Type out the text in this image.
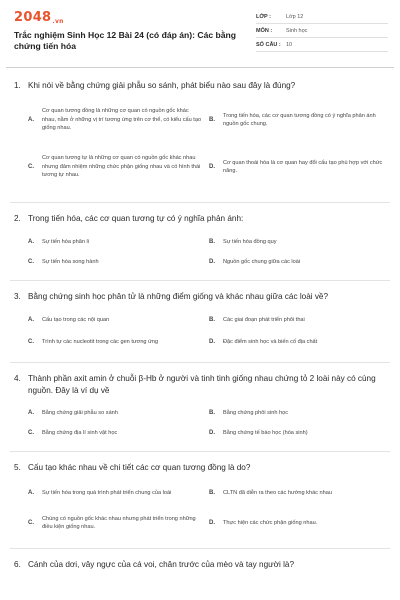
2048.vn
Trắc nghiệm Sinh Học 12 Bài 24 (có đáp án): Các bằng chứng tiến hóa
LỚP :	Lớp 12
MÔN :	Sinh học
SỐ CÂU : 10
1. Khi nói về bằng chứng giải phẫu so sánh, phát biểu nào sau đây là đúng?
A.
Cơ quan tương đồng là những cơ quan có nguồn gốc khác nhau, nằm ở những vị trí tương ứng trên cơ thể, có kiểu cấu tạo giống nhau.
B.
Trong tiến hóa, các cơ quan tương đồng có ý nghĩa phản ánh nguồn gốc chung.
C.
Cơ quan tương tự là những cơ quan có nguồn gốc khác nhau nhưng đảm nhiệm những chức phận giống nhau và có hình thái tương tự nhau.
D.
Cơ quan thoái hóa là cơ quan hay đổi cấu tạo phù hợp với chức năng.
2. Trong tiến hóa, các cơ quan tương tự có ý nghĩa phản ánh:
A.	Sự tiến hóa phân li	B.	Sự tiến hóa đồng quy
C.	Sự tiến hóa song hành	D.	Nguồn gốc chung giữa các loài
3. Bằng chứng sinh học phân tử là những điểm giống và khác nhau giữa các loài về?
A.	Cấu tạo trong các nội quan	B.	Các giai đoạn phát triển phôi thai
C.	Trình tự các nucleotit trong các gen tương ứng	D.	Đặc điểm sinh học và biến cố địa chất
4. Thành phần axit amin ở chuỗi β-Hb ở người và tinh tinh giống nhau chứng tỏ 2 loài này có cùng nguồn. Đây là ví dụ về
A.	Bằng chứng giải phẫu so sánh	B.	Bằng chứng phôi sinh học
C.	Bằng chứng địa lí sinh vật học	D.	Bằng chứng tế bào học (hóa sinh)
5. Cấu tạo khác nhau về chi tiết các cơ quan tương đồng là do?
A.	Sự tiến hóa trong quá trình phát triển chung của loài	B.	CLTN đã diễn ra theo các hướng khác nhau
C.
Chúng có nguồn gốc khác nhau nhưng phát triển trong những điều kiện giống nhau.
D.	Thực hiện các chức phận giống nhau.
6. Cánh của dơi, vây ngực của cá voi, chân trước của mèo và tay người là?
